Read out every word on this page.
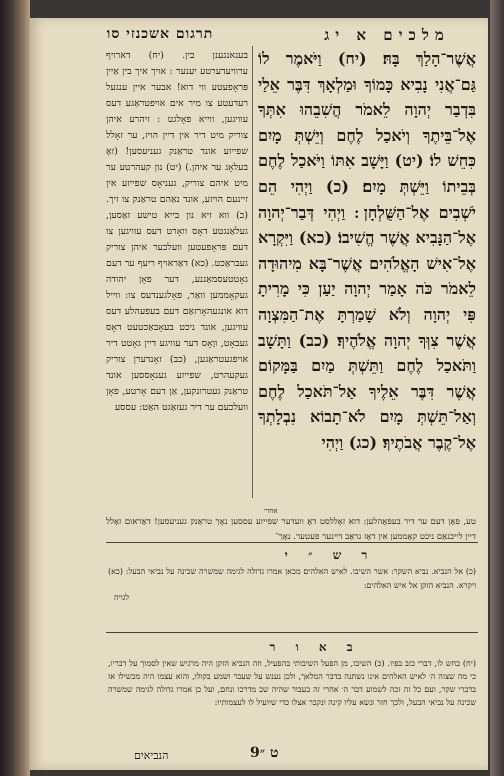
תרגום אשכנזי סו	מלכים א יג
בעגאנגענן בין. (יח) דארויף ערוויעדערטע יענער : אויך איך בין אַיין פּראָפעטע ווי דוא! אבער איין ענגעל רעדעטע צו מיר אים אויפטראַגע דעס עוויגען, ווייא פאָלגט : זיהרע איהן צוריק מיט דיר אין דיין הויז, ער זאָלל שפייזע אונד טראַנק געניעסען! (זאָ בעלאָג ער איהן.) (יט) נון קעהרטע ער מיט איהם צוריק, געניאָס שפייזע אין זיינעם הויזע, אונד נאַהם טראַנק צו זיך. (כ) ווא זיא נון בייא טישע זאַסען, געלאַנגטע דאָס וואָרט דעס עוויגען צו דעם פּראָפעטען וועלכער איהן צוריק געבראַכט. (כא) דאַראויף ריעף ער דעם גאָטטעסמאַננע, דער פאָן יהודה געקאָממען וואַר, פאָלגענדעס צו: ווייל דוא אונגעהאָרזאַם דעם בעפעהלע דעס עוויגען, אונד ניכט בעאָבאַכטעט דאָס געבאָט, ווָאָס דער עוויגע דיין גאָטט דיר אויפגעטראַגען, (כב) זאָנדערן צוריק געקעהרט, שפייזע גענאָססען אונד טראַנק געטרונקען, אַן דעם אָרטע, פאָן וועלכעם ער דיר געזאַגט האַט: עססע
אֲשֶׁר־הָלַךְ בָּהּ׃ (יח) וַיֹּאמֶר לוֹ גַּם־אֲנִי נָבִיא כָּמוֹךָ וּמַלְאָךְ דִּבֶּר אֵלַי בִּדְבַר יְהוָה לֵאמֹר הֲשִׁבֵהוּ אִתְּךָ אֶל־בֵּיתֶךָ וְיֹאכַל לֶחֶם וְיֵשְׁתְּ מָיִם כִּחֵשׁ לוֹ׃ (יט) וַיָּשָׁב אִתּוֹ וַיֹּאכַל לֶחֶם בְּבֵיתוֹ וַיֵּשְׁתְּ מָיִם׃ (כ) וַיְהִי הֵם יֹשְׁבִים אֶל־הַשֻּׁלְחָן ׃ וַיְהִי דְּבַר־יְהוָה אֶל־הַנָּבִיא אֲשֶׁר הֱשִׁיבוֹ׃ (כא) וַיִּקְרָא אֶל־אִישׁ הָאֱלֹהִים אֲשֶׁר־בָּא מִיהוּדָה לֵאמֹר כֹּה אָמַר יְהוָה יַעַן כִּי מָרִיתָ פִּי יְהוָה וְלֹא שָׁמַרְתָּ אֶת־הַמִּצְוָה אֲשֶׁר צִוְּךָ יְהוָה אֱלֹהֶיךָ׃ (כב) וַתָּשָׁב וַתֹּאכַל לֶחֶם וַתֵּשְׁתְּ מַיִם בַּמָּקוֹם אֲשֶׁר דִּבֶּר אֵלֶיךָ אַל־תֹּאכַל לֶחֶם וְאַל־תֵּשְׁתְּ מָיִם לֹא־תָבוֹא נִבְלָתְךָ אֶל־קֶבֶר אֲבֹתֶיךָ׃ (כג) וַיְהִי
אחרי
טע, פאָן דעם ער דיר בעפאָהלען: דוא זאָללסט דאָ וועדער שפייזע עססען נאָך טראַנק געניעסען! דאַראום זאָלל דיין לייכנאַם ניכט קאָממען אין דאָז גראַב דיינער פעטער. נאָך־
ר ש ״ י
(כ) אל הנביא. נביא השקר: אשר השיבו. לאיש האלהים מכאן אמרו גדולה לגימה שמשרה שכינה על נביאי הבעל: (כא) ויקרא. הנביא הזקן אל איש האלהים:
לגויה
ב א ו ר
(יח) כחש לו, דברי כזב בפיו. (כ) השיבו, מן הפעל השיבותי בהפעיל, וזה הנביא הזקן היה מרגיש שאין לסמוך על דבריו, כי מה שצוה ה׳ לאיש האלהים אינו נשתנה בדבר המלאך, ולכן נענש על שעבר ושמע בקולו, והוא עצמו היה מכשילו אז בדברי שקר, ועם כל זה זכה לשמוע דבר ה׳ אחרי זה בעבור שהיה שב מדרכו ונחם, ועל כן אמרו גדולה לגימה שמשרה שכינה על נביאי הבעל, ולכך חזר ונשא עליו קינה ונקבר אצלו כדי שיועיל לו לעצמותיו:
הנביאים	ט ״9
